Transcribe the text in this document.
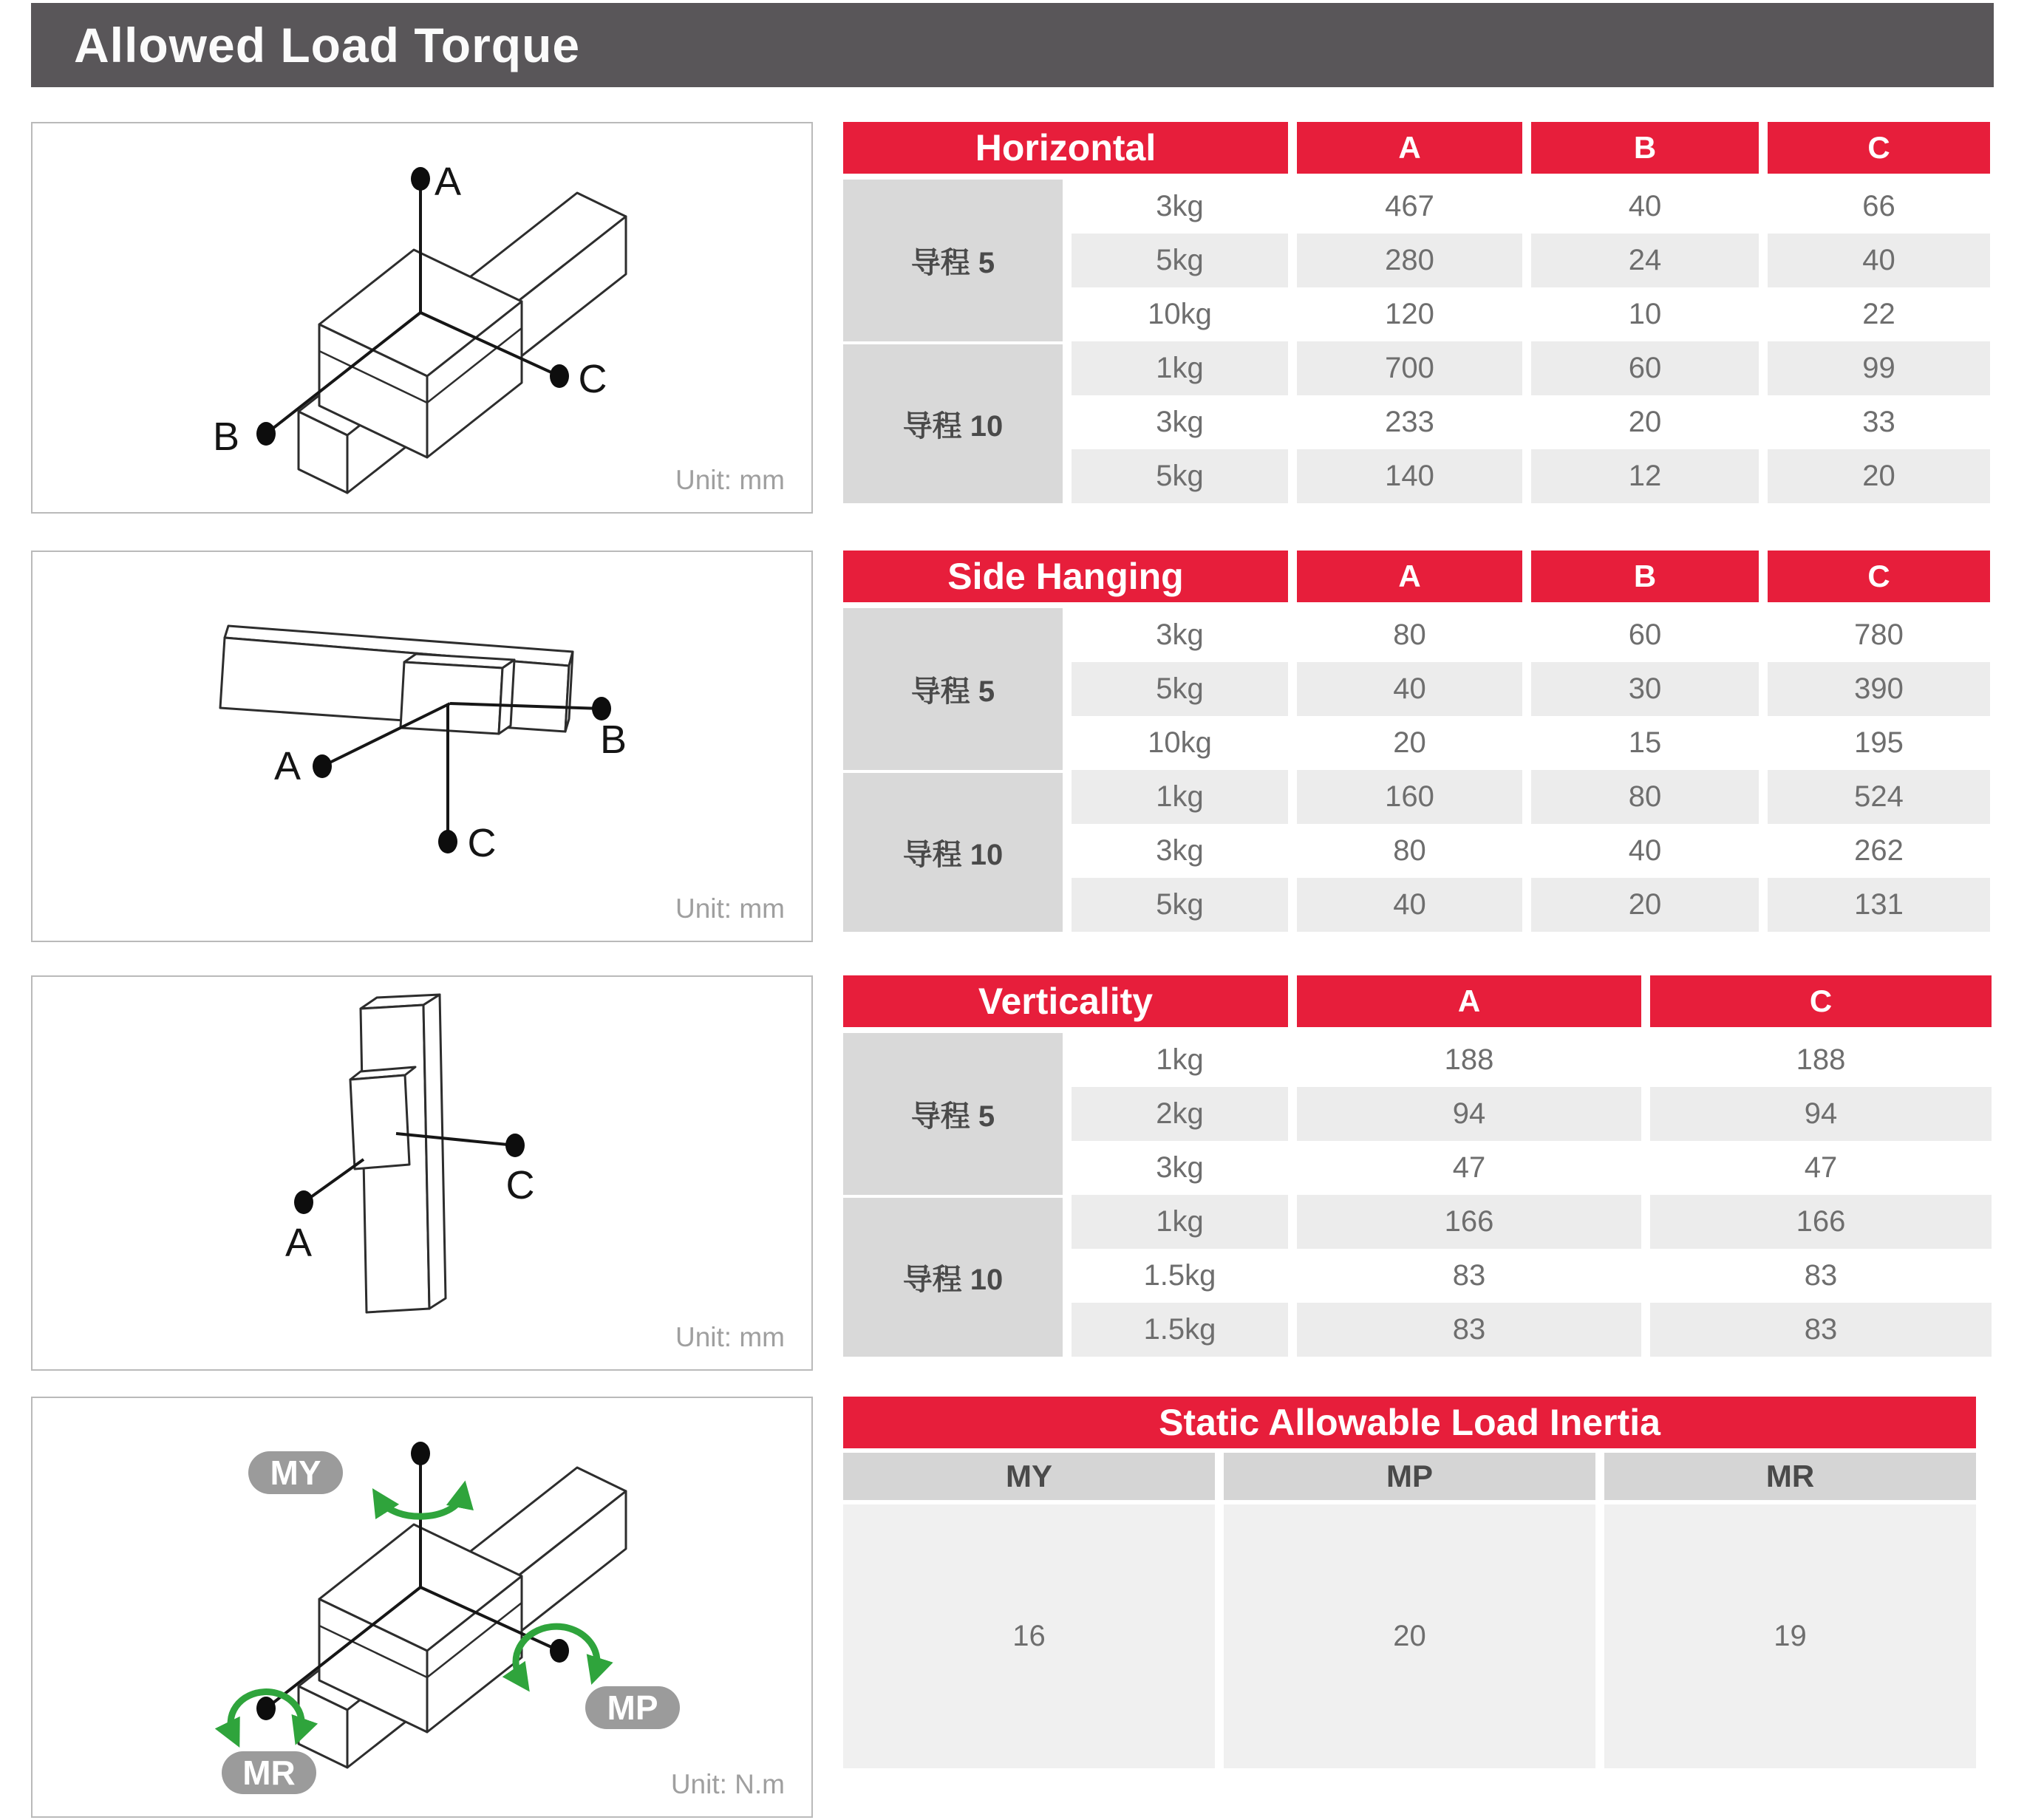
Allowed Load Torque
A
B
C
Unit: mm
A
B
C
Unit: mm
A
C
Unit: mm
MY
MP
MR	Unit: N.m
Horizontal		A	B	C
导程 5	3kg	467	40	66
	5kg	280	24	40
	10kg	120	10	22
导程 10	1kg	700	60	99
	3kg	233	20	33
	5kg	140	12	20
Side Hanging		A	B	C
导程 5	3kg	80	60	780
	5kg	40	30	390
	10kg	20	15	195
导程 10	1kg	160	80	524
	3kg	80	40	262
	5kg	40	20	131
Verticality		A	C
导程 5	1kg	188	188
	2kg	94	94
	3kg	47	47
导程 10	1kg	166	166
	1.5kg	83	83
	1.5kg	83	83
Static Allowable Load Inertia		
MY	MP	MR
16	20	19
